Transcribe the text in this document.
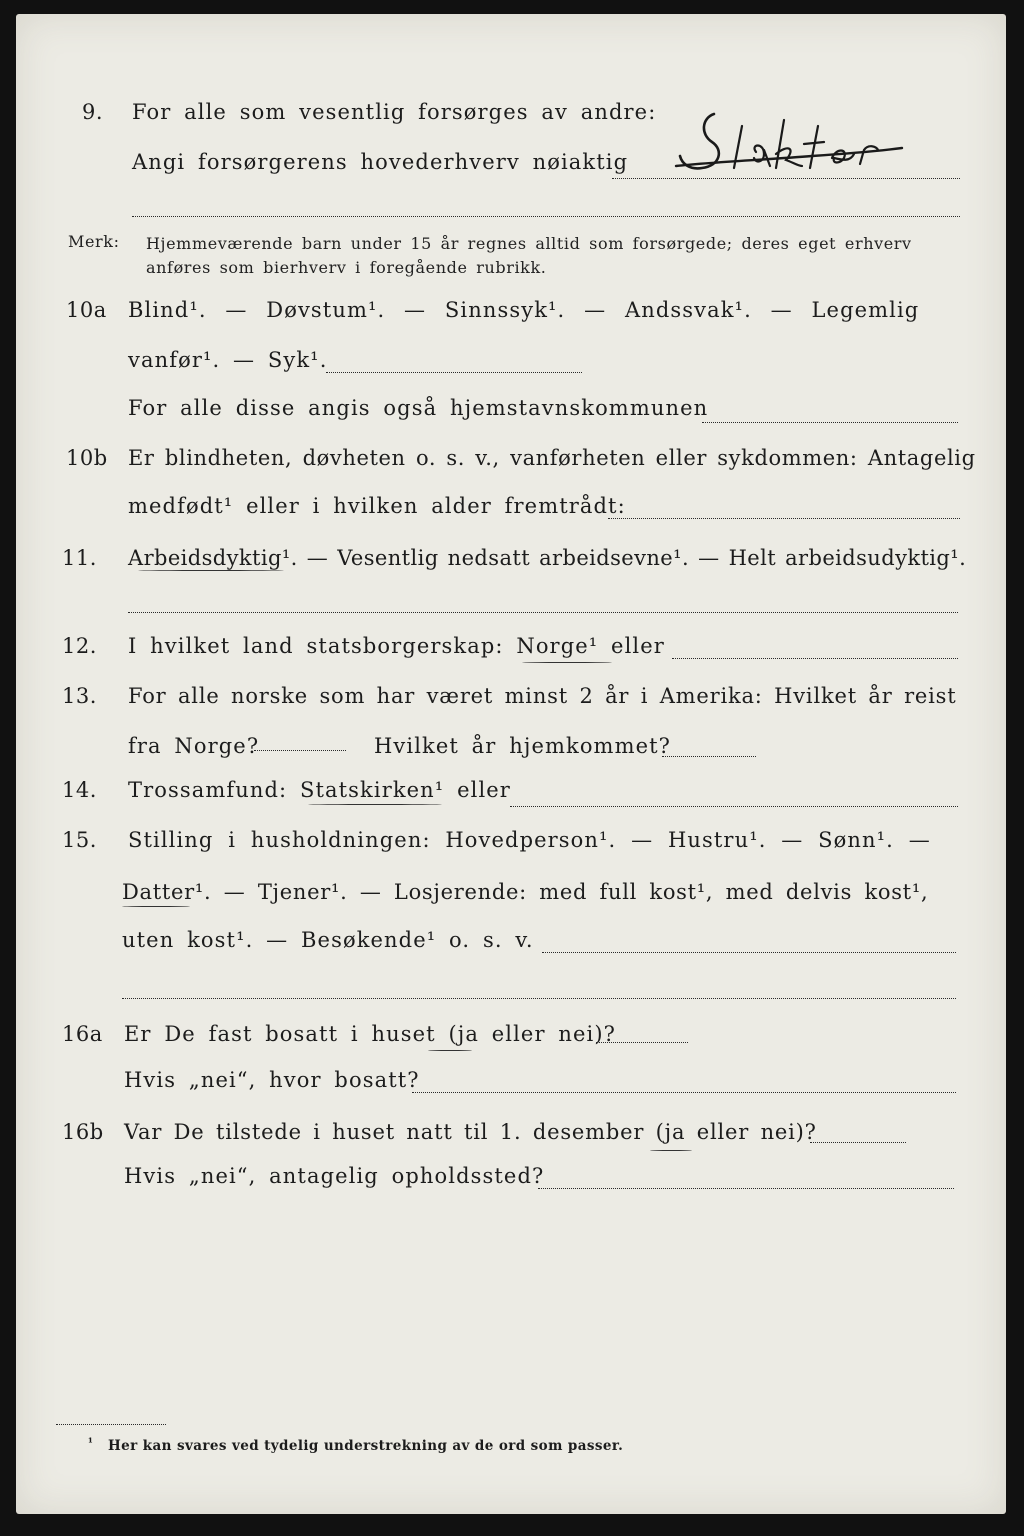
9. For alle som vesentlig forsørges av andre:
Angi forsørgerens hovederhverv nøiaktig
Merk: Hjemmeværende barn under 15 år regnes alltid som forsørgede; deres eget erhverv
anføres som bierhverv i foregående rubrikk.
10a Blind¹. — Døvstum¹. — Sinnssyk¹. — Andssvak¹. — Legemlig
vanfør¹. — Syk¹.
For alle disse angis også hjemstavnskommunen
10b Er blindheten, døvheten o. s. v., vanførheten eller sykdommen: Antagelig
medfødt¹ eller i hvilken alder fremtrådt:
11. Arbeidsdyktig¹. — Vesentlig nedsatt arbeidsevne¹. — Helt arbeidsudyktig¹.
12. I hvilket land statsborgerskap: Norge¹ eller
13. For alle norske som har været minst 2 år i Amerika: Hvilket år reist
fra Norge?	Hvilket år hjemkommet?
14. Trossamfund: Statskirken¹ eller
15. Stilling i husholdningen: Hovedperson¹. — Hustru¹. — Sønn¹. —
Datter¹. — Tjener¹. — Losjerende: med full kost¹, med delvis kost¹,
uten kost¹. — Besøkende¹ o. s. v.
16a Er De fast bosatt i huset (ja eller nei)?
Hvis „nei“, hvor bosatt?
16b Var De tilstede i huset natt til 1. desember (ja eller nei)?
Hvis „nei“, antagelig opholdssted?
¹ Her kan svares ved tydelig understrekning av de ord som passer.
